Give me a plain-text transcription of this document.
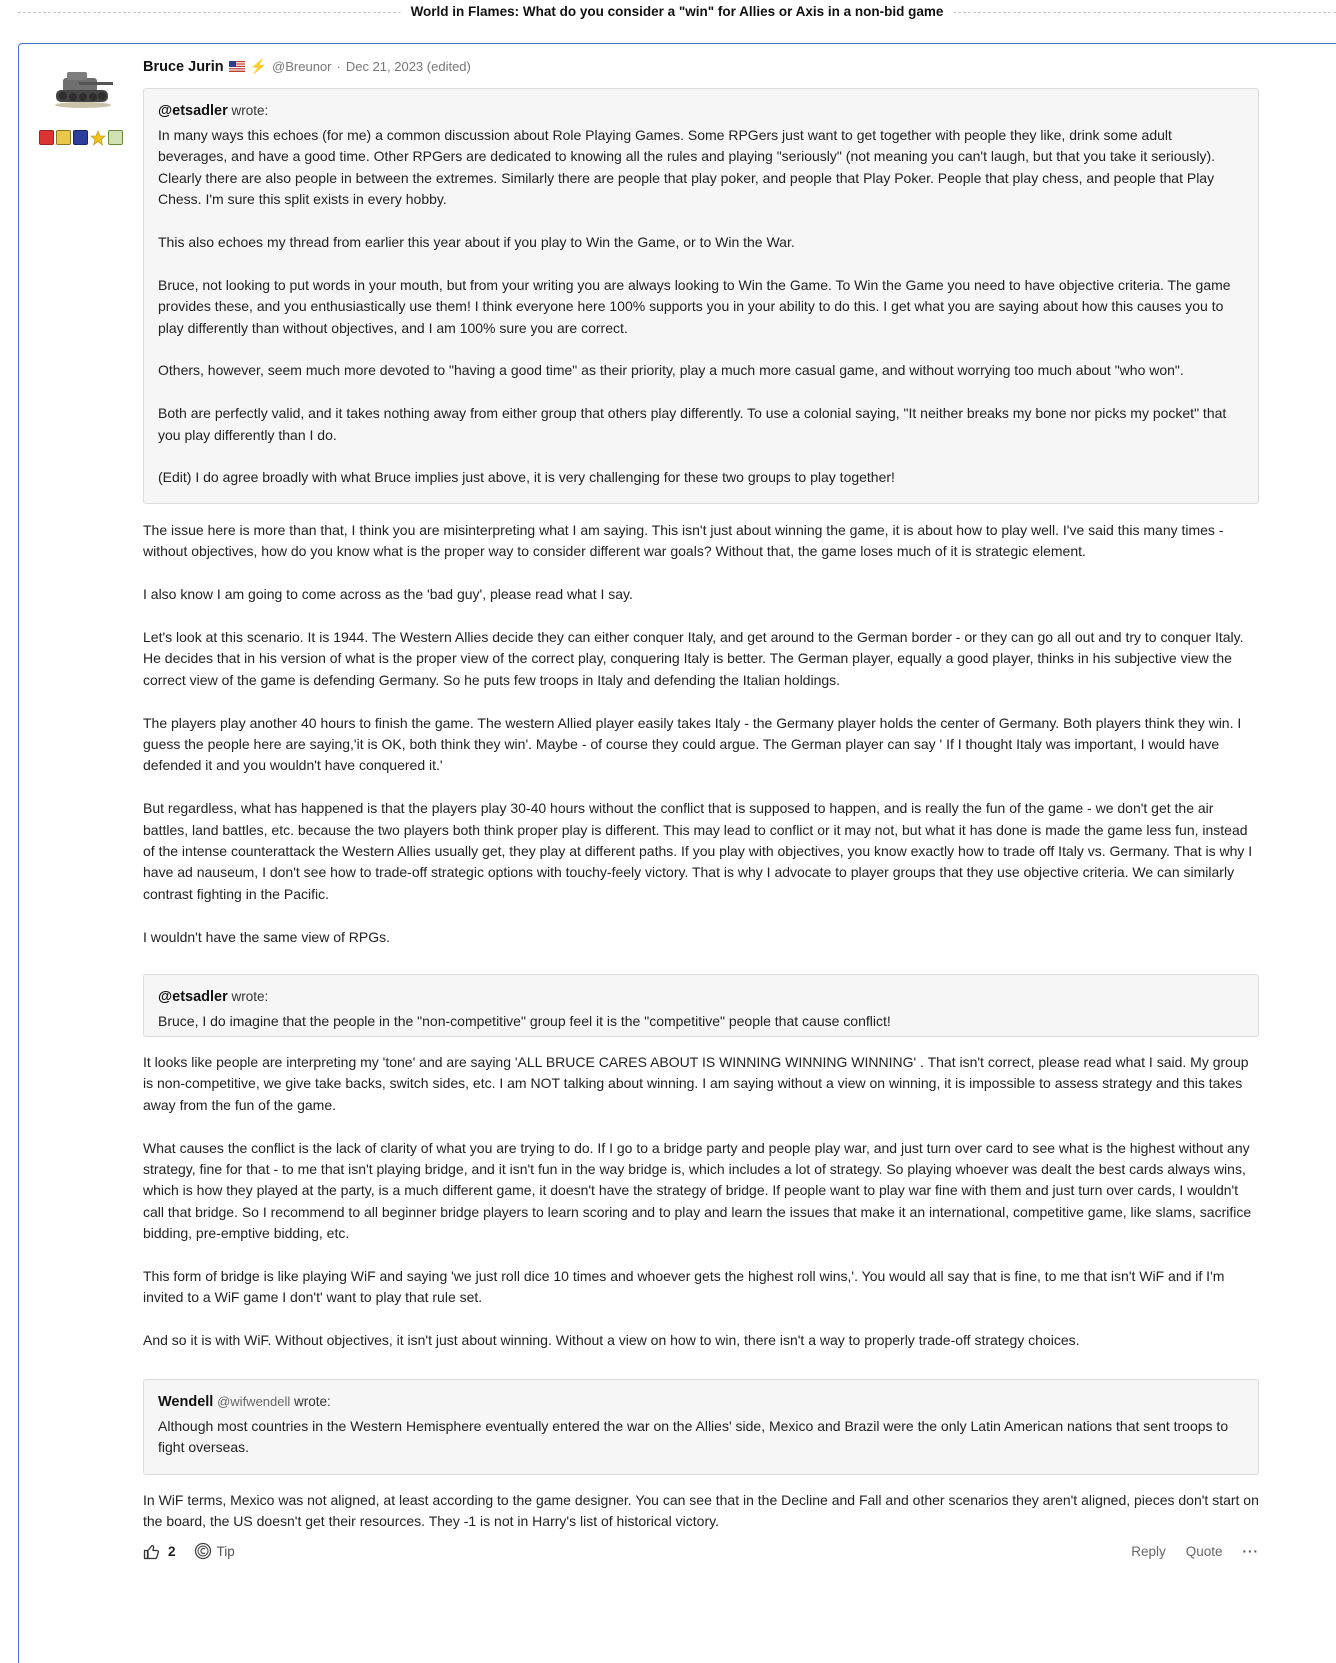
World in Flames: What do you consider a "win" for Allies or Axis in a non-bid game
Bruce Jurin ⚡ @Breunor · Dec 21, 2023 (edited)
@etsadler wrote:

In many ways this echoes (for me) a common discussion about Role Playing Games. Some RPGers just want to get together with people they like, drink some adult beverages, and have a good time. Other RPGers are dedicated to knowing all the rules and playing "seriously" (not meaning you can't laugh, but that you take it seriously). Clearly there are also people in between the extremes. Similarly there are people that play poker, and people that Play Poker. People that play chess, and people that Play Chess. I'm sure this split exists in every hobby.

This also echoes my thread from earlier this year about if you play to Win the Game, or to Win the War.

Bruce, not looking to put words in your mouth, but from your writing you are always looking to Win the Game. To Win the Game you need to have objective criteria. The game provides these, and you enthusiastically use them! I think everyone here 100% supports you in your ability to do this. I get what you are saying about how this causes you to play differently than without objectives, and I am 100% sure you are correct.

Others, however, seem much more devoted to "having a good time" as their priority, play a much more casual game, and without worrying too much about "who won".

Both are perfectly valid, and it takes nothing away from either group that others play differently. To use a colonial saying, "It neither breaks my bone nor picks my pocket" that you play differently than I do.

(Edit) I do agree broadly with what Bruce implies just above, it is very challenging for these two groups to play together!

The issue here is more than that, I think you are misinterpreting what I am saying. This isn't just about winning the game, it is about how to play well. I've said this many times - without objectives, how do you know what is the proper way to consider different war goals? Without that, the game loses much of it is strategic element.

I also know I am going to come across as the 'bad guy', please read what I say.

Let's look at this scenario. It is 1944. The Western Allies decide they can either conquer Italy, and get around to the German border - or they can go all out and try to conquer Italy. He decides that in his version of what is the proper view of the correct play, conquering Italy is better. The German player, equally a good player, thinks in his subjective view the correct view of the game is defending Germany. So he puts few troops in Italy and defending the Italian holdings.

The players play another 40 hours to finish the game. The western Allied player easily takes Italy - the Germany player holds the center of Germany. Both players think they win. I guess the people here are saying,'it is OK, both think they win'. Maybe - of course they could argue. The German player can say ' If I thought Italy was important, I would have defended it and you wouldn't have conquered it.'

But regardless, what has happened is that the players play 30-40 hours without the conflict that is supposed to happen, and is really the fun of the game - we don't get the air battles, land battles, etc. because the two players both think proper play is different. This may lead to conflict or it may not, but what it has done is made the game less fun, instead of the intense counterattack the Western Allies usually get, they play at different paths. If you play with objectives, you know exactly how to trade off Italy vs. Germany. That is why I have ad nauseum, I don't see how to trade-off strategic options with touchy-feely victory. That is why I advocate to player groups that they use objective criteria. We can similarly contrast fighting in the Pacific.

I wouldn't have the same view of RPGs.

@etsadler wrote:

Bruce, I do imagine that the people in the "non-competitive" group feel it is the "competitive" people that cause conflict!

It looks like people are interpreting my 'tone' and are saying 'ALL BRUCE CARES ABOUT IS WINNING WINNING WINNING' . That isn't correct, please read what I said. My group is non-competitive, we give take backs, switch sides, etc. I am NOT talking about winning. I am saying without a view on winning, it is impossible to assess strategy and this takes away from the fun of the game.

What causes the conflict is the lack of clarity of what you are trying to do. If I go to a bridge party and people play war, and just turn over card to see what is the highest without any strategy, fine for that - to me that isn't playing bridge, and it isn't fun in the way bridge is, which includes a lot of strategy. So playing whoever was dealt the best cards always wins, which is how they played at the party, is a much different game, it doesn't have the strategy of bridge. If people want to play war fine with them and just turn over cards, I wouldn't call that bridge. So I recommend to all beginner bridge players to learn scoring and to play and learn the issues that make it an international, competitive game, like slams, sacrifice bidding, pre-emptive bidding, etc.

This form of bridge is like playing WiF and saying 'we just roll dice 10 times and whoever gets the highest roll wins,'. You would all say that is fine, to me that isn't WiF and if I'm invited to a WiF game I don't' want to play that rule set.

And so it is with WiF. Without objectives, it isn't just about winning. Without a view on how to win, there isn't a way to properly trade-off strategy choices.

Wendell @wifwendell wrote:

Although most countries in the Western Hemisphere eventually entered the war on the Allies' side, Mexico and Brazil were the only Latin American nations that sent troops to fight overseas.

In WiF terms, Mexico was not aligned, at least according to the game designer. You can see that in the Decline and Fall and other scenarios they aren't aligned, pieces don't start on the board, the US doesn't get their resources. They -1 is not in Harry's list of historical victory.

2	Tip	Reply Quote ···
